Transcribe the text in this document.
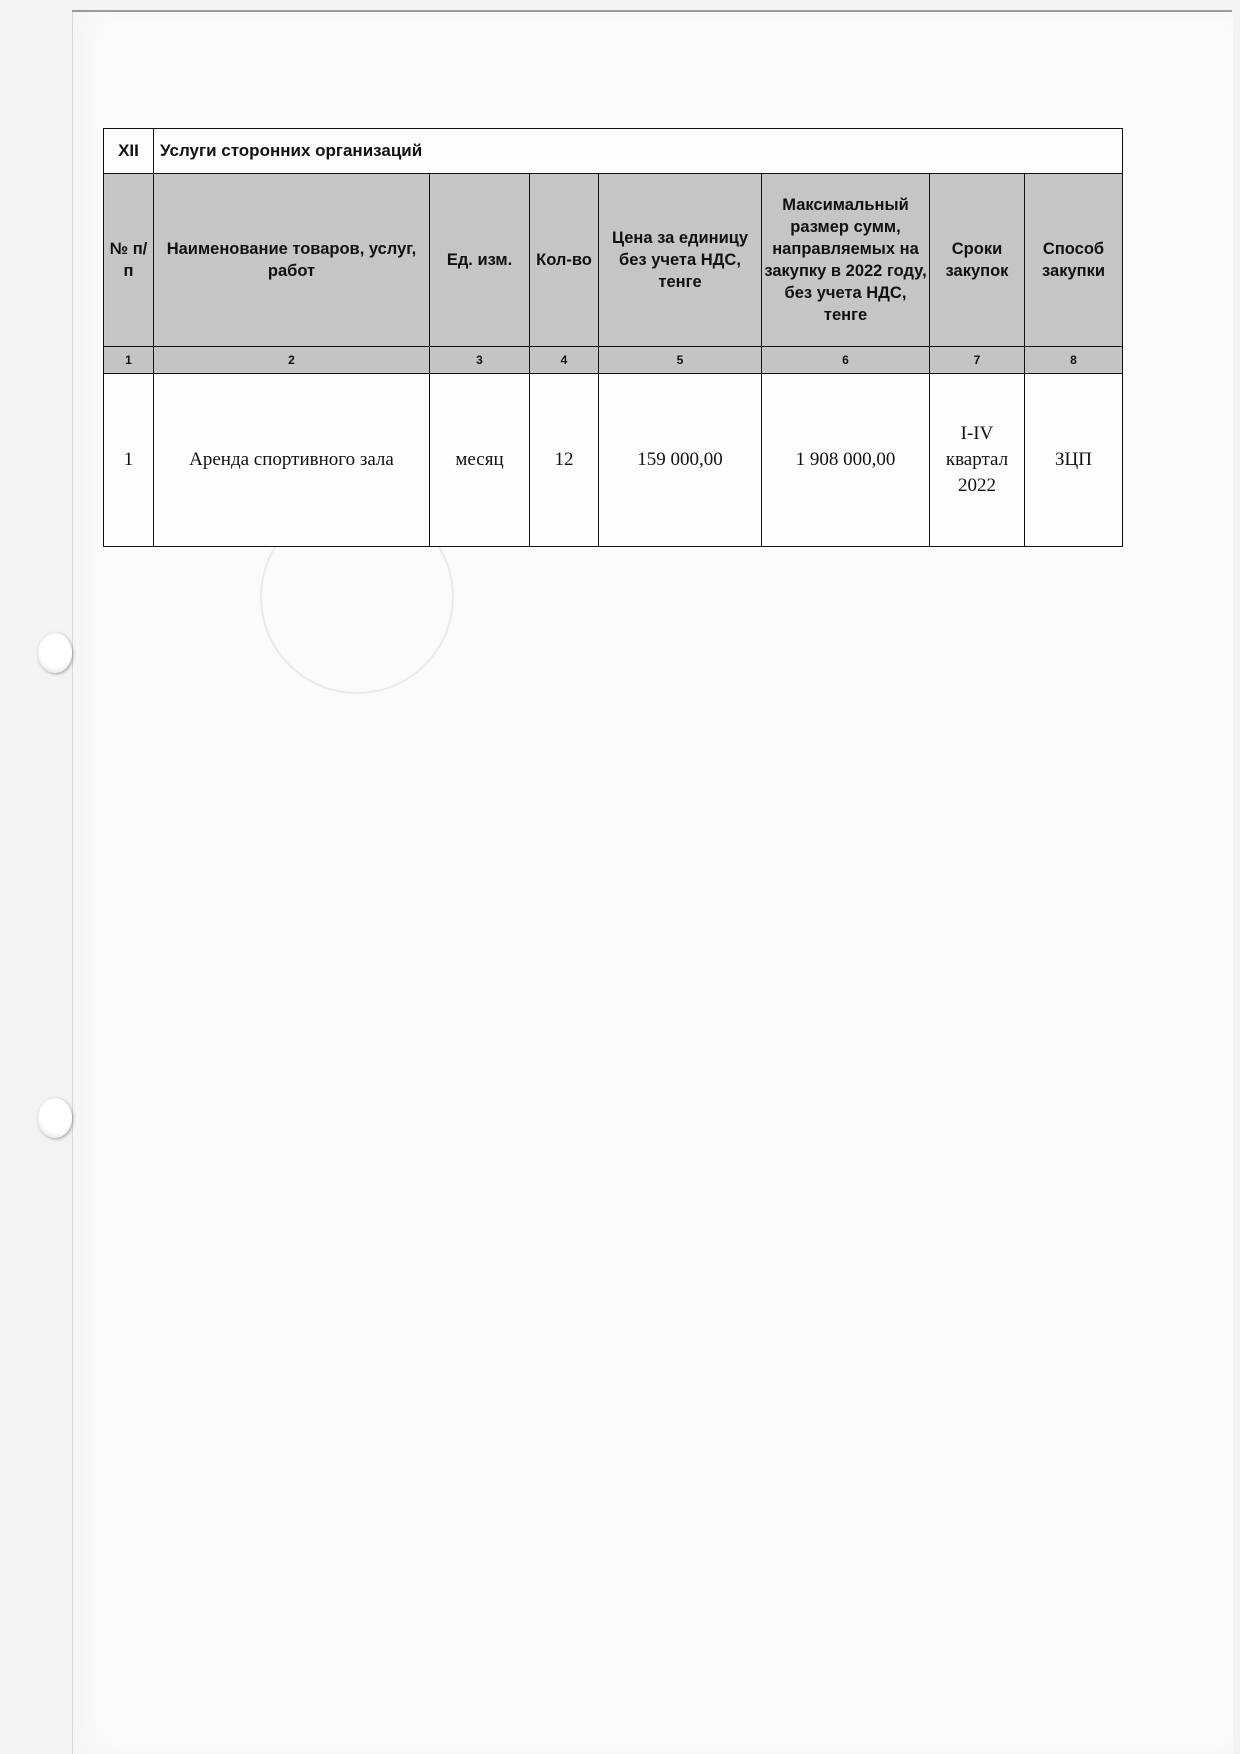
XII	Услуги сторонних организаций						
№ п/п	Наименование товаров, услуг, работ	Ед. изм.	Кол-во	Цена за единицу без учета НДС, тенге	Максимальный размер сумм, направляемых на закупку в 2022 году, без учета НДС, тенге	Сроки закупок	Способ закупки
1	2	3	4	5	6	7	8
1	Аренда спортивного зала	месяц	12	159 000,00	1 908 000,00	I-IV квартал 2022	ЗЦП
